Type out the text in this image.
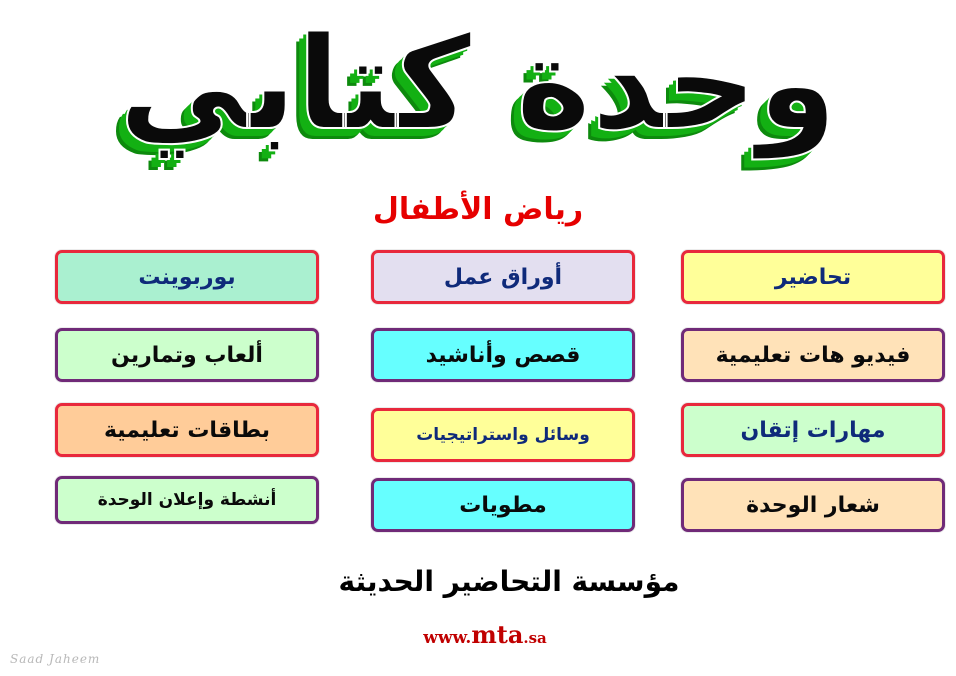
وحدة كتابي
رياض الأطفال
تحاضير
أوراق عمل
بوربوينت
فيديو هات تعليمية
قصص وأناشيد
ألعاب وتمارين
مهارات إتقان
وسائل واستراتيجيات
بطاقات تعليمية
شعار الوحدة
مطويات
أنشطة وإعلان الوحدة
مؤسسة التحاضير الحديثة
www.mta.sa
Saad Jaheem
